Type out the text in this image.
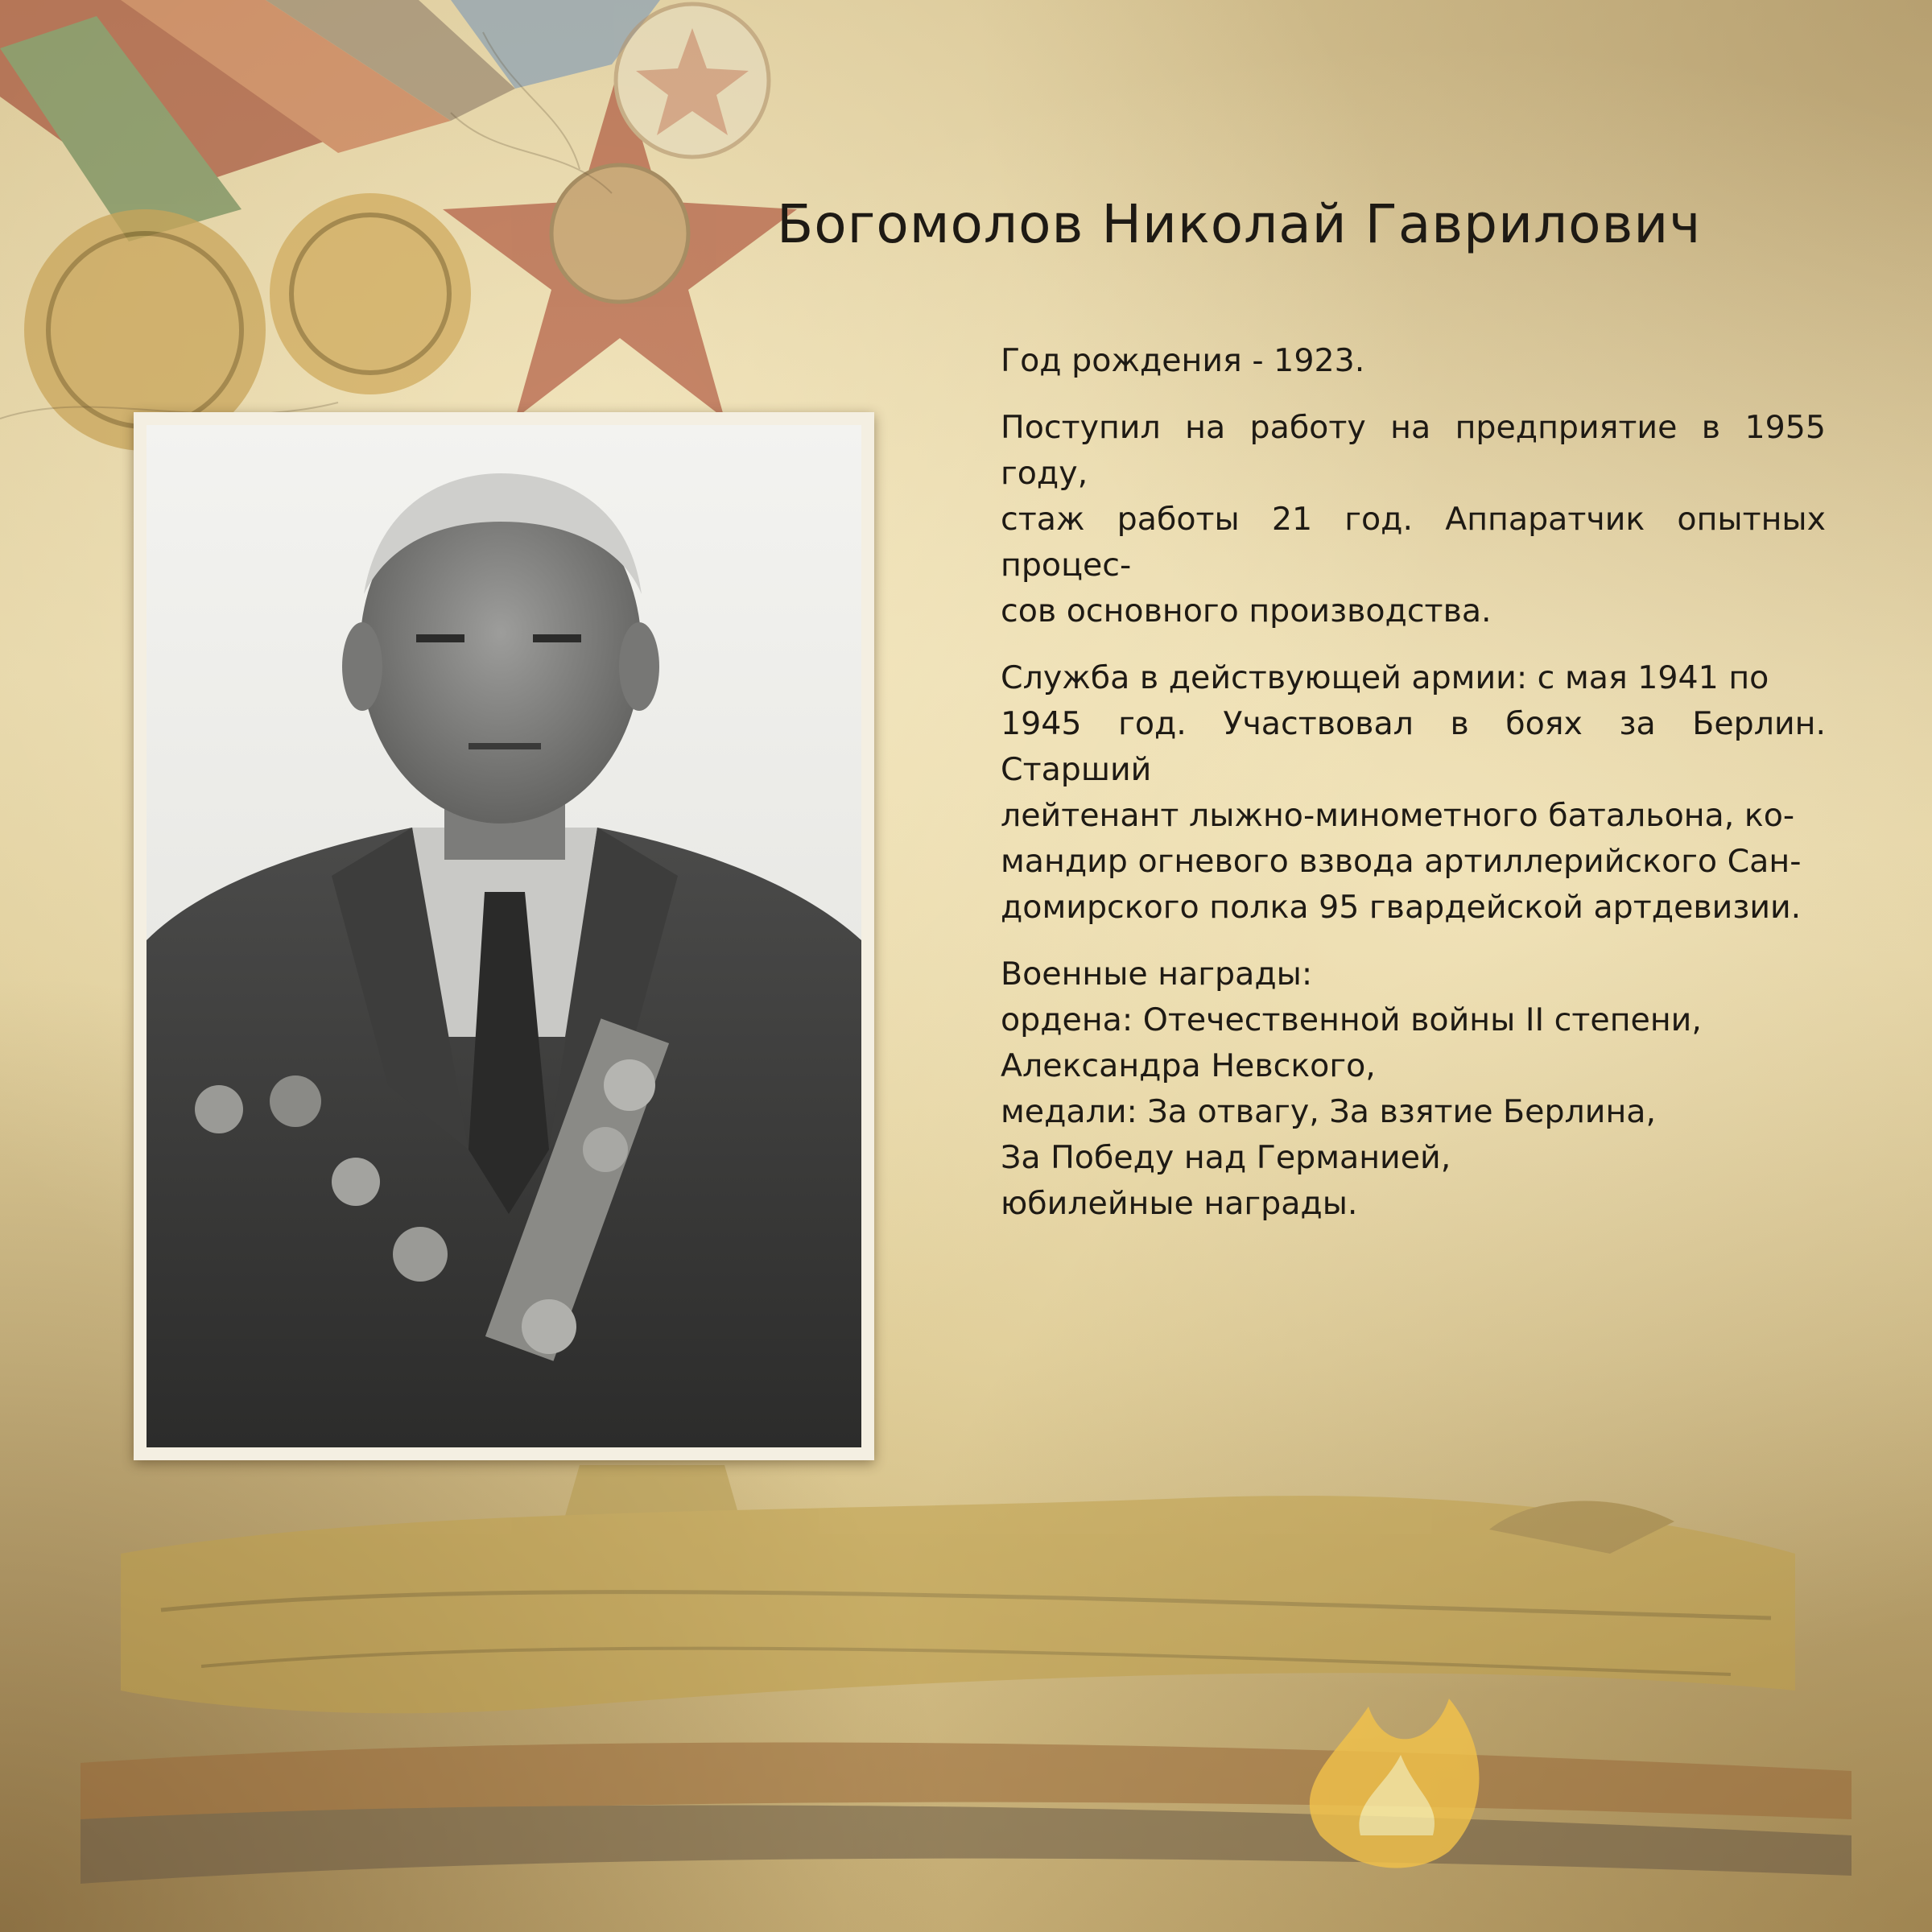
Богомолов Николай Гаврилович

Год рождения - 1923.

Поступил на работу на предприятие в 1955 году,
стаж работы 21 год. Аппаратчик опытных процес-
сов основного производства.

Служба в действующей армии: с мая 1941 по
1945 год. Участвовал в боях за Берлин. Старший
лейтенант лыжно-минометного батальона, ко-
мандир огневого взвода артиллерийского Сан-
домирского полка 95 гвардейской артдевизии.

Военные награды:
ордена: Отечественной войны II степени,
Александра Невского,
медали: За отвагу, За взятие Берлина,
За Победу над Германией,
юбилейные награды.
